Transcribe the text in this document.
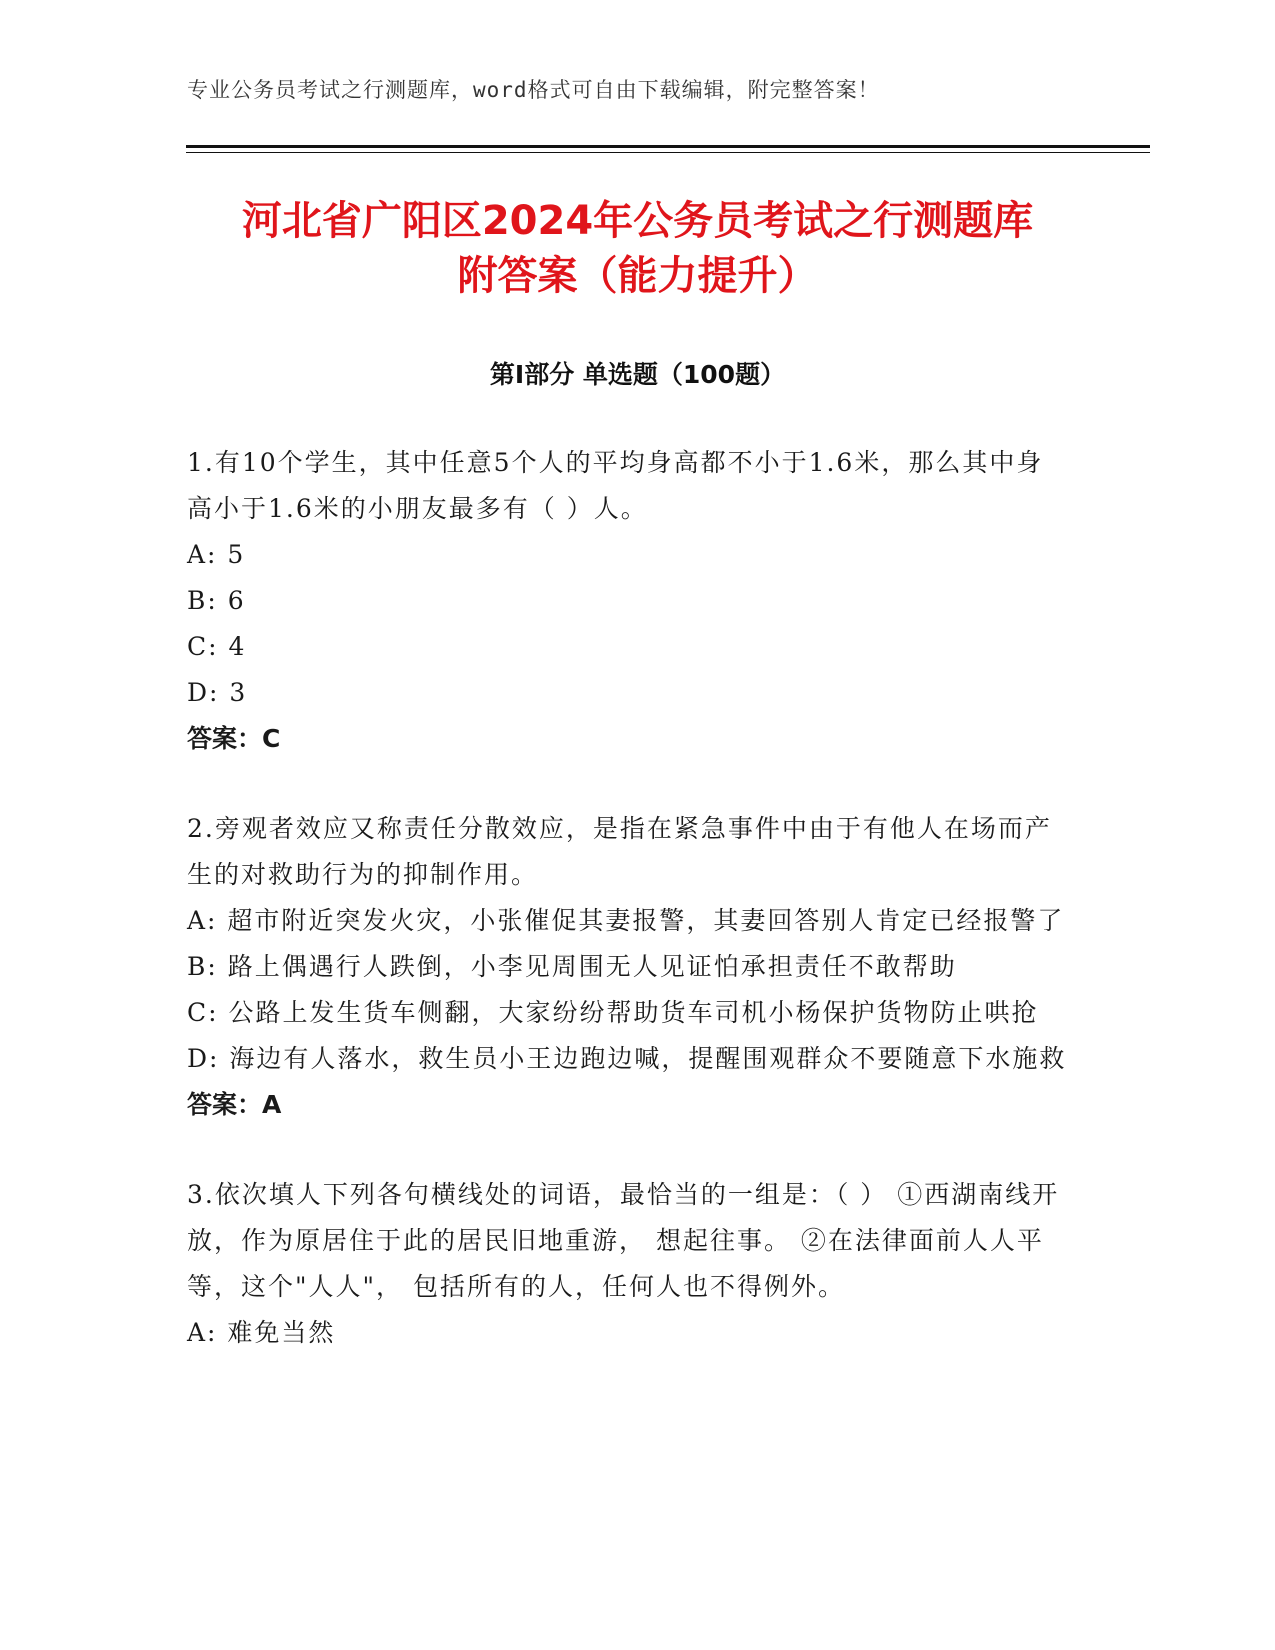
专业公务员考试之行测题库，word格式可自由下载编辑，附完整答案！
河北省广阳区2024年公务员考试之行测题库
附答案（能力提升）
第I部分 单选题（100题）

1.有10个学生，其中任意5个人的平均身高都不小于1.6米，那么其中身高小于1.6米的小朋友最多有（ ）人。

A: 5

B: 6

C: 4

D: 3

答案：C

2.旁观者效应又称责任分散效应，是指在紧急事件中由于有他人在场而产生的对救助行为的抑制作用。

A: 超市附近突发火灾，小张催促其妻报警，其妻回答别人肯定已经报警了

B: 路上偶遇行人跌倒，小李见周围无人见证怕承担责任不敢帮助

C: 公路上发生货车侧翻，大家纷纷帮助货车司机小杨保护货物防止哄抢

D: 海边有人落水，救生员小王边跑边喊，提醒围观群众不要随意下水施救

答案：A

3.依次填人下列各句横线处的词语，最恰当的一组是：（ ） ①西湖南线开放，作为原居住于此的居民旧地重游， 想起往事。 ②在法律面前人人平等，这个"人人"， 包括所有的人，任何人也不得例外。

A: 难免当然
